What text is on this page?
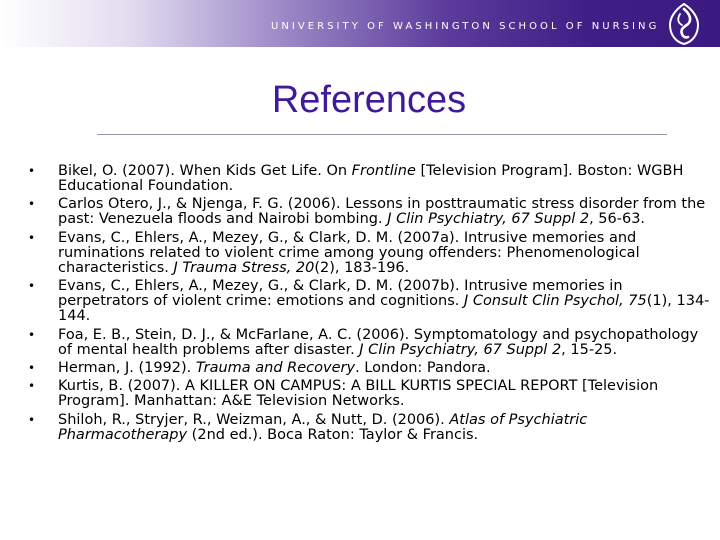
UNIVERSITY OF WASHINGTON SCHOOL OF NURSING
References
• Bikel, O. (2007). When Kids Get Life. On Frontline [Television Program]. Boston: WGBH Educational Foundation.
• Carlos Otero, J., & Njenga, F. G. (2006). Lessons in posttraumatic stress disorder from the past: Venezuela floods and Nairobi bombing. J Clin Psychiatry, 67 Suppl 2, 56-63.
• Evans, C., Ehlers, A., Mezey, G., & Clark, D. M. (2007a). Intrusive memories and ruminations related to violent crime among young offenders: Phenomenological characteristics. J Trauma Stress, 20(2), 183-196.
• Evans, C., Ehlers, A., Mezey, G., & Clark, D. M. (2007b). Intrusive memories in perpetrators of violent crime: emotions and cognitions. J Consult Clin Psychol, 75(1), 134-144.
• Foa, E. B., Stein, D. J., & McFarlane, A. C. (2006). Symptomatology and psychopathology of mental health problems after disaster. J Clin Psychiatry, 67 Suppl 2, 15-25.
• Herman, J. (1992). Trauma and Recovery. London: Pandora.
• Kurtis, B. (2007). A KILLER ON CAMPUS: A BILL KURTIS SPECIAL REPORT [Television Program]. Manhattan: A&E Television Networks.
• Shiloh, R., Stryjer, R., Weizman, A., & Nutt, D. (2006). Atlas of Psychiatric Pharmacotherapy (2nd ed.). Boca Raton: Taylor & Francis.
